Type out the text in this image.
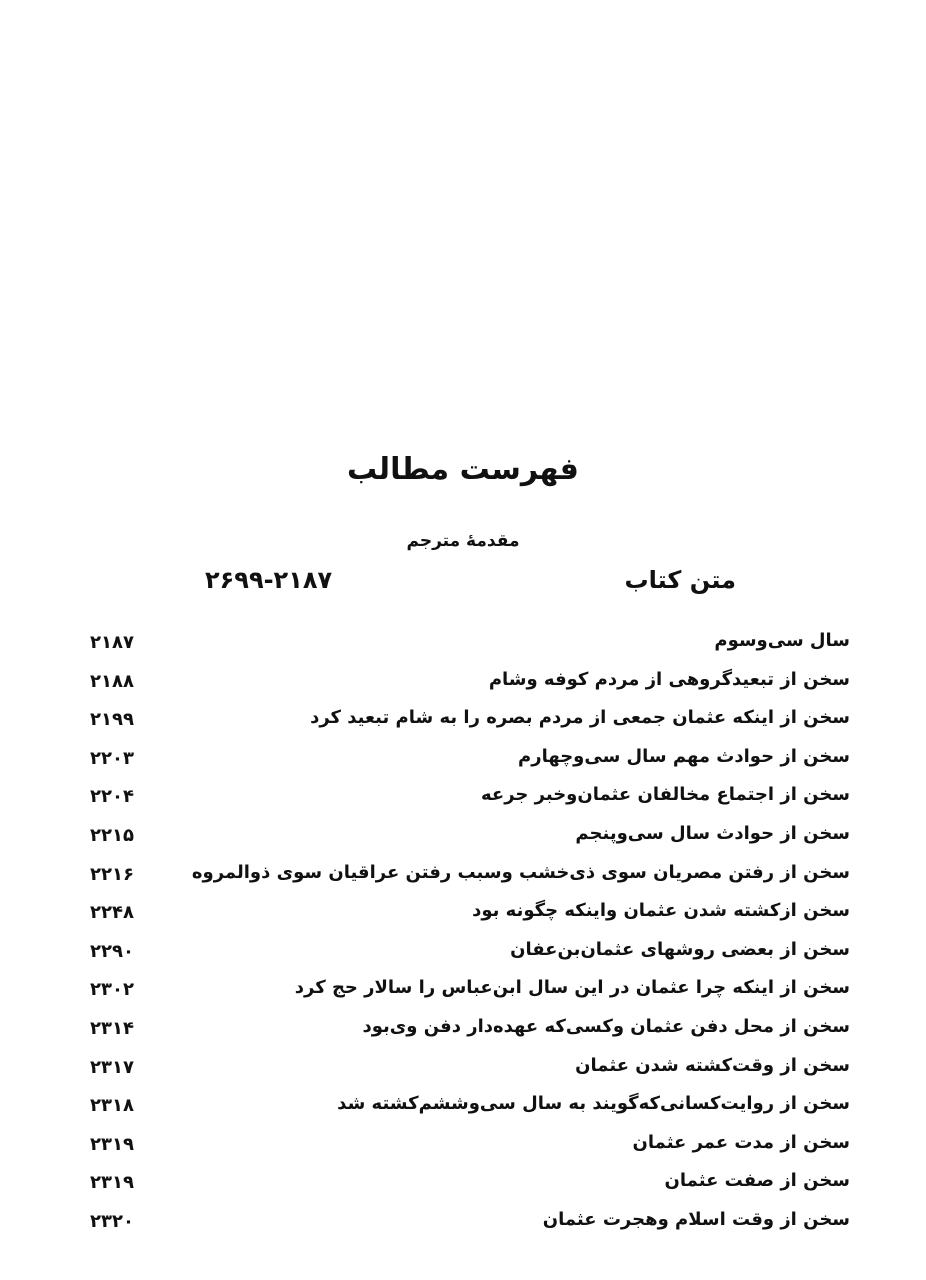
فهرست مطالب
مقدمهٔ مترجم
متن کتاب
۲۶۹۹-۲۱۸۷
سال سی‌وسوم
۲۱۸۷
سخن از تبعیدگروهی از مردم کوفه وشام
۲۱۸۸
سخن از اینکه عثمان جمعی از مردم بصره را به شام تبعید کرد
۲۱۹۹
سخن از حوادث مهم سال سی‌وچهارم
۲۲۰۳
سخن از اجتماع مخالفان عثمان‌وخبر جرعه
۲۲۰۴
سخن از حوادث سال سی‌وپنجم
۲۲۱۵
سخن از رفتن مصریان سوی ذی‌خشب وسبب رفتن عراقیان سوی ذوالمروه
۲۲۱۶
سخن ازکشته شدن عثمان واینکه چگونه بود
۲۲۴۸
سخن از بعضی روشهای عثمان‌بن‌عفان
۲۲۹۰
سخن از اینکه چرا عثمان در این سال ابن‌عباس را سالار حج کرد
۲۳۰۲
سخن از محل دفن عثمان وکسی‌که عهده‌دار دفن وی‌بود
۲۳۱۴
سخن از وقت‌کشته شدن عثمان
۲۳۱۷
سخن از روایت‌کسانی‌که‌گویند به سال سی‌وششم‌کشته شد
۲۳۱۸
سخن از مدت عمر عثمان
۲۳۱۹
سخن از صفت عثمان
۲۳۱۹
سخن از وقت اسلام وهجرت عثمان
۲۳۲۰
